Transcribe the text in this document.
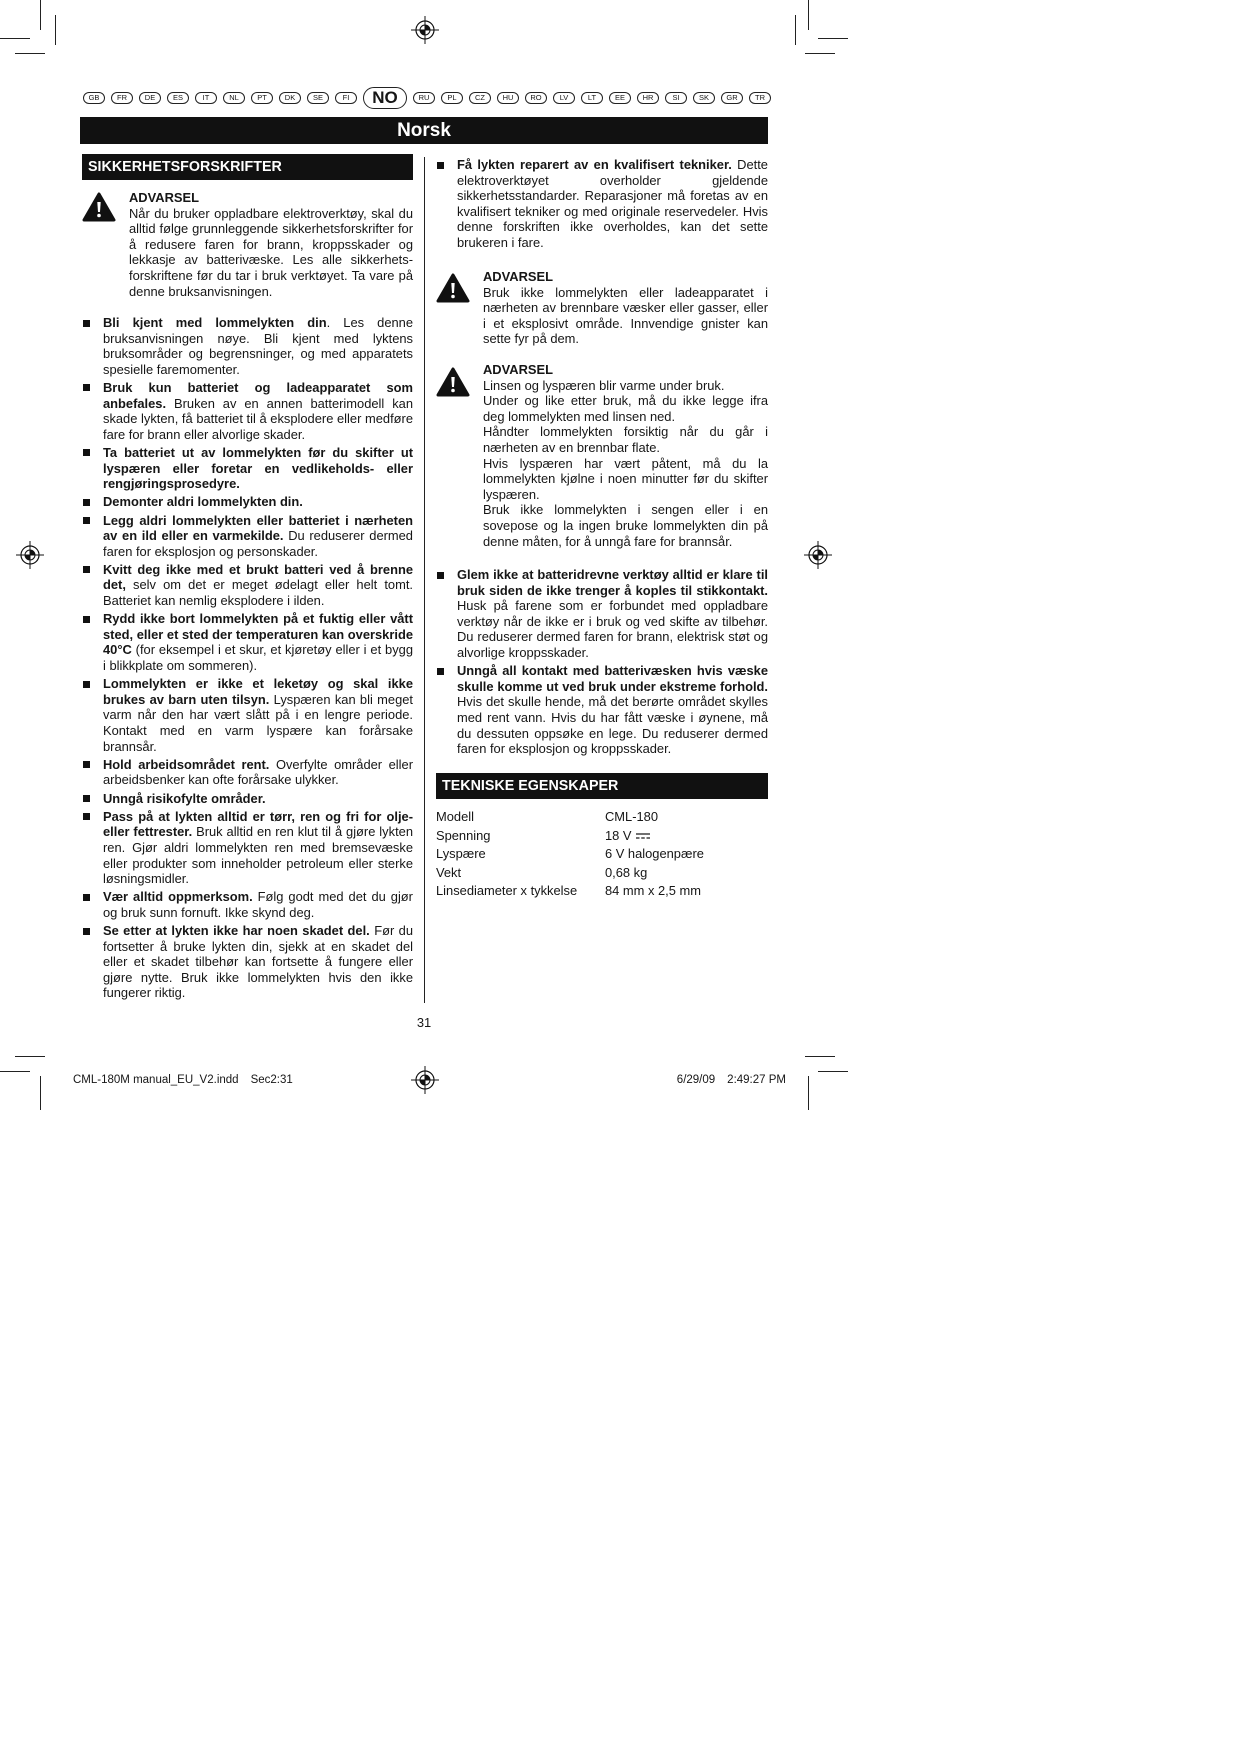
GB	FR	DE	ES	IT	NL	PT	DK	SE	FI	NO	RU	PL	CZ	HU	RO	LV	LT	EE	HR	SI	SK	GR	TR
Norsk
SIKKERHETSFORSKRIFTER
ADVARSEL
Når du bruker oppladbare elektroverktøy, skal du alltid følge grunnleggende sikkerhetsforskrifter for å redusere faren for brann, kroppsskader og lekkasje av batterivæske. Les alle sikkerhets-forskriftene før du tar i bruk verktøyet. Ta vare på denne bruksanvisningen.
Bli kjent med lommelykten din. Les denne bruksanvisningen nøye. Bli kjent med lyktens bruksområder og begrensninger, og med apparatets spesielle faremomenter.
Bruk kun batteriet og ladeapparatet som anbefales. Bruken av en annen batterimodell kan skade lykten, få batteriet til å eksplodere eller medføre fare for brann eller alvorlige skader.
Ta batteriet ut av lommelykten før du skifter ut lyspæren eller foretar en vedlikeholds- eller rengjøringsprosedyre.
Demonter aldri lommelykten din.
Legg aldri lommelykten eller batteriet i nærheten av en ild eller en varmekilde. Du reduserer dermed faren for eksplosjon og personskader.
Kvitt deg ikke med et brukt batteri ved å brenne det, selv om det er meget ødelagt eller helt tomt. Batteriet kan nemlig eksplodere i ilden.
Rydd ikke bort lommelykten på et fuktig eller vått sted, eller et sted der temperaturen kan overskride 40°C (for eksempel i et skur, et kjøretøy eller i et bygg i blikkplate om sommeren).
Lommelykten er ikke et leketøy og skal ikke brukes av barn uten tilsyn. Lyspæren kan bli meget varm når den har vært slått på i en lengre periode. Kontakt med en varm lyspære kan forårsake brannsår.
Hold arbeidsområdet rent. Overfylte områder eller arbeidsbenker kan ofte forårsake ulykker.
Unngå risikofylte områder.
Pass på at lykten alltid er tørr, ren og fri for olje- eller fettrester. Bruk alltid en ren klut til å gjøre lykten ren. Gjør aldri lommelykten ren med bremsevæske eller produkter som inneholder petroleum eller sterke løsningsmidler.
Vær alltid oppmerksom. Følg godt med det du gjør og bruk sunn fornuft. Ikke skynd deg.
Se etter at lykten ikke har noen skadet del. Før du fortsetter å bruke lykten din, sjekk at en skadet del eller et skadet tilbehør kan fortsette å fungere eller gjøre nytte. Bruk ikke lommelykten hvis den ikke fungerer riktig.
Få lykten reparert av en kvalifisert tekniker. Dette elektroverktøyet overholder gjeldende sikkerhetsstandarder. Reparasjoner må foretas av en kvalifisert tekniker og med originale reservedeler. Hvis denne forskriften ikke overholdes, kan det sette brukeren i fare.
ADVARSEL
Bruk ikke lommelykten eller ladeapparatet i nærheten av brennbare væsker eller gasser, eller i et eksplosivt område. Innvendige gnister kan sette fyr på dem.
ADVARSEL
Linsen og lyspæren blir varme under bruk.
Under og like etter bruk, må du ikke legge ifra deg lommelykten med linsen ned.
Håndter lommelykten forsiktig når du går i nærheten av en brennbar flate.
Hvis lyspæren har vært påtent, må du la lommelykten kjølne i noen minutter før du skifter lyspæren.
Bruk ikke lommelykten i sengen eller i en sovepose og la ingen bruke lommelykten din på denne måten, for å unngå fare for brannsår.
Glem ikke at batteridrevne verktøy alltid er klare til bruk siden de ikke trenger å koples til stikkontakt. Husk på farene som er forbundet med oppladbare verktøy når de ikke er i bruk og ved skifte av tilbehør. Du reduserer dermed faren for brann, elektrisk støt og alvorlige kroppsskader.
Unngå all kontakt med batterivæsken hvis væske skulle komme ut ved bruk under ekstreme forhold. Hvis det skulle hende, må det berørte området skylles med rent vann. Hvis du har fått væske i øynene, må du dessuten oppsøke en lege. Du reduserer dermed faren for eksplosjon og kroppsskader.
TEKNISKE EGENSKAPER
Modell	CML-180
Spenning	18 V
Lyspære	6 V halogenpære
Vekt	0,68 kg
Linsediameter x tykkelse	84 mm x 2,5 mm
31
CML-180M manual_EU_V2.indd Sec2:31	6/29/09 2:49:27 PM
